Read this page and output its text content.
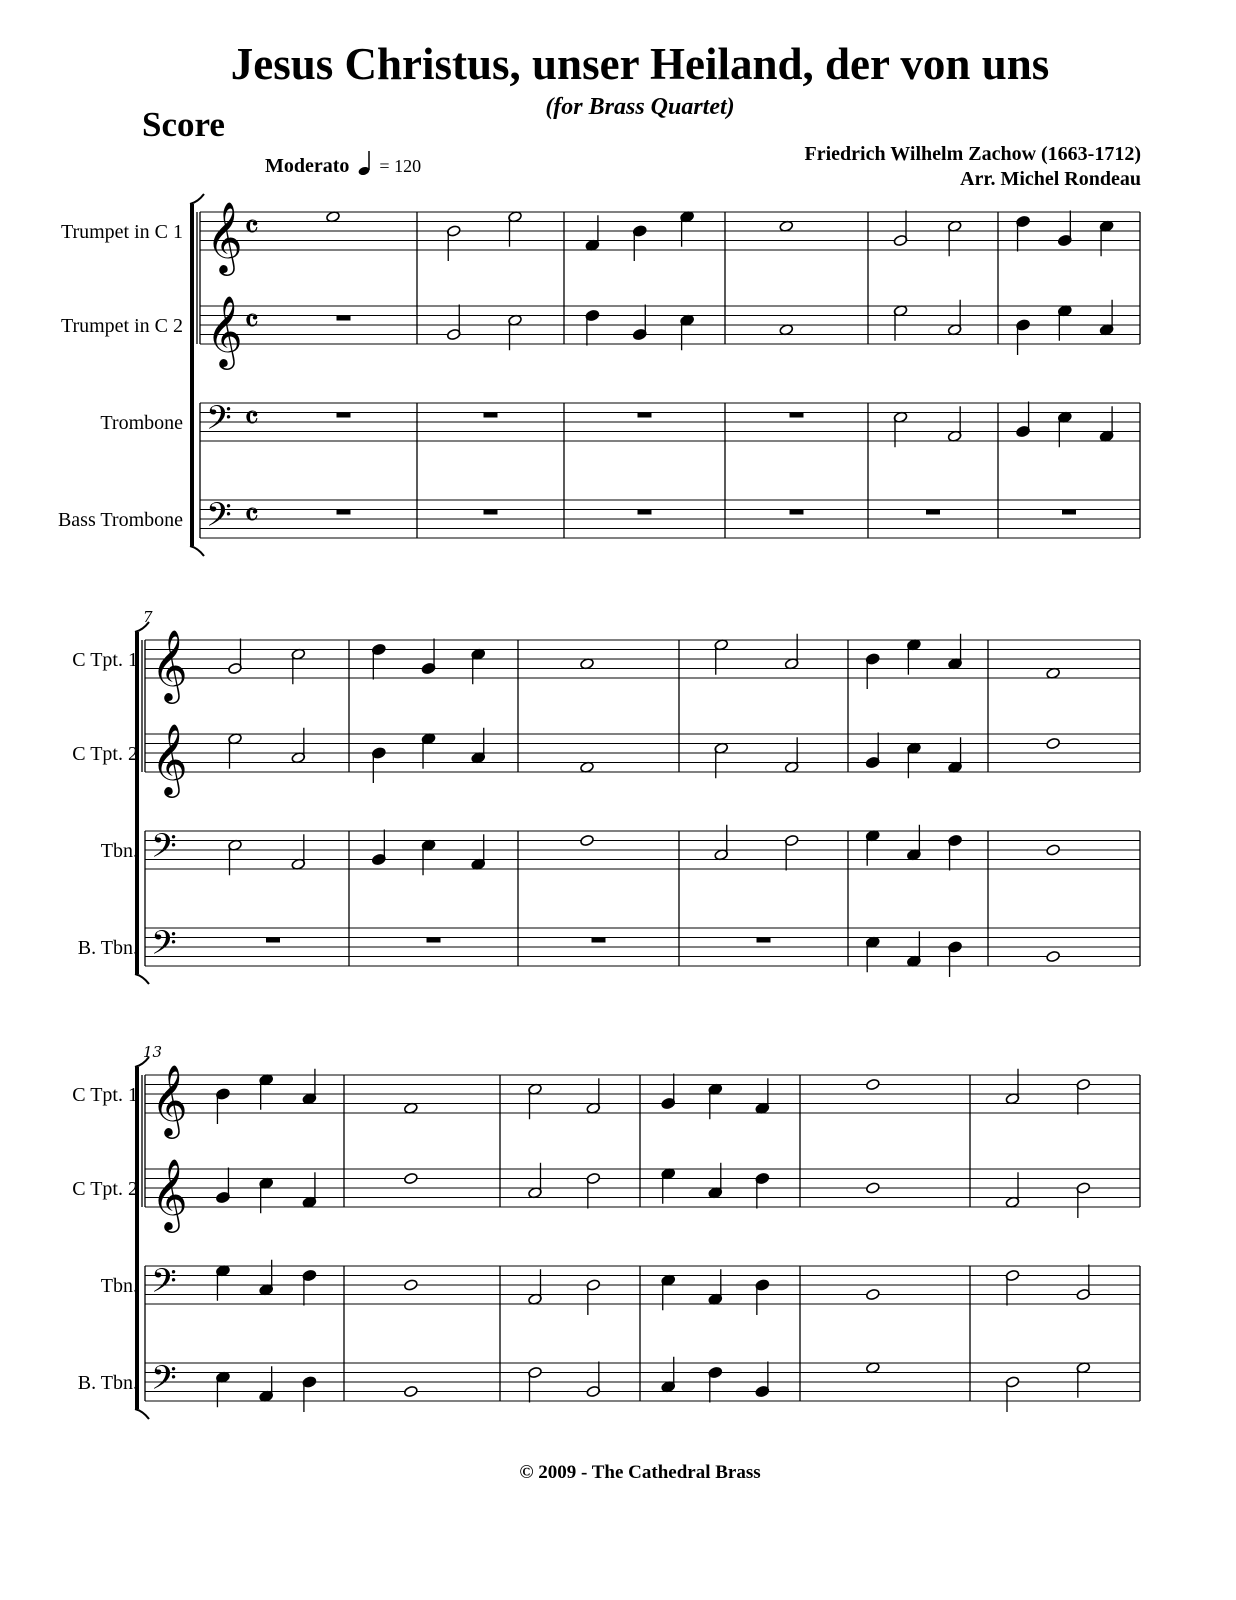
Jesus Christus, unser Heiland, der von uns
(for Brass Quartet)
Score
Moderato = 120
Friedrich Wilhelm Zachow (1663-1712)
Arr. Michel Rondeau
Trumpet in C 1
Trumpet in C 2
Trombone
Bass Trombone
C Tpt. 1
C Tpt. 2
Tbn.
B. Tbn.
C Tpt. 1
C Tpt. 2
Tbn.
B. Tbn.
© 2009 - The Cathedral Brass
𝄞 𝄴
𝄞 𝄴
𝄢 𝄴
𝄢 𝄴
𝄞
𝄞
𝄢
𝄢
7
𝄞
𝄞
𝄢
𝄢
13
